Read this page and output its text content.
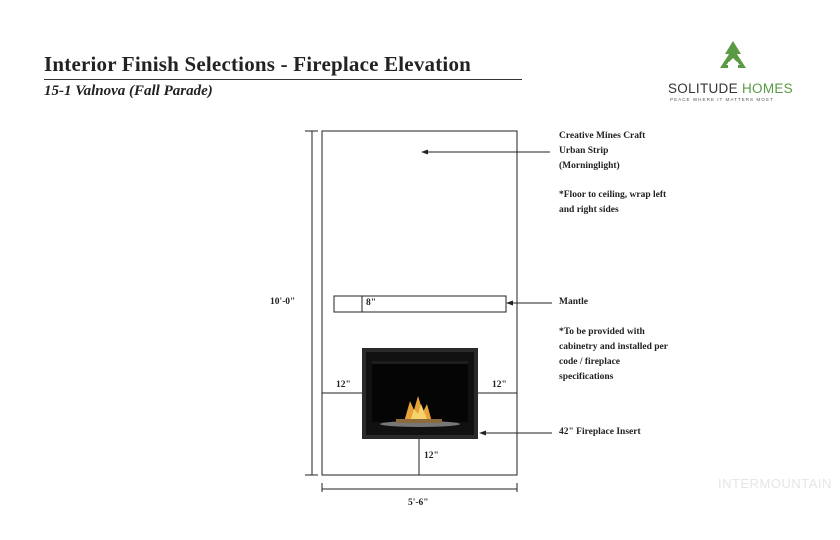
Interior Finish Selections - Fireplace Elevation
15-1 Valnova (Fall Parade)	SOLITUDE HOMES
PEACE WHERE IT MATTERS MOST
10'-0"	8"
12"	12"
12"
5'-6"
Creative Mines Craft
Urban Strip
(Morninglight)
*Floor to ceiling, wrap left
and right sides
Mantle
*To be provided with
cabinetry and installed per
code / fireplace
specifications
42" Fireplace Insert
INTERMOUNTAIN
